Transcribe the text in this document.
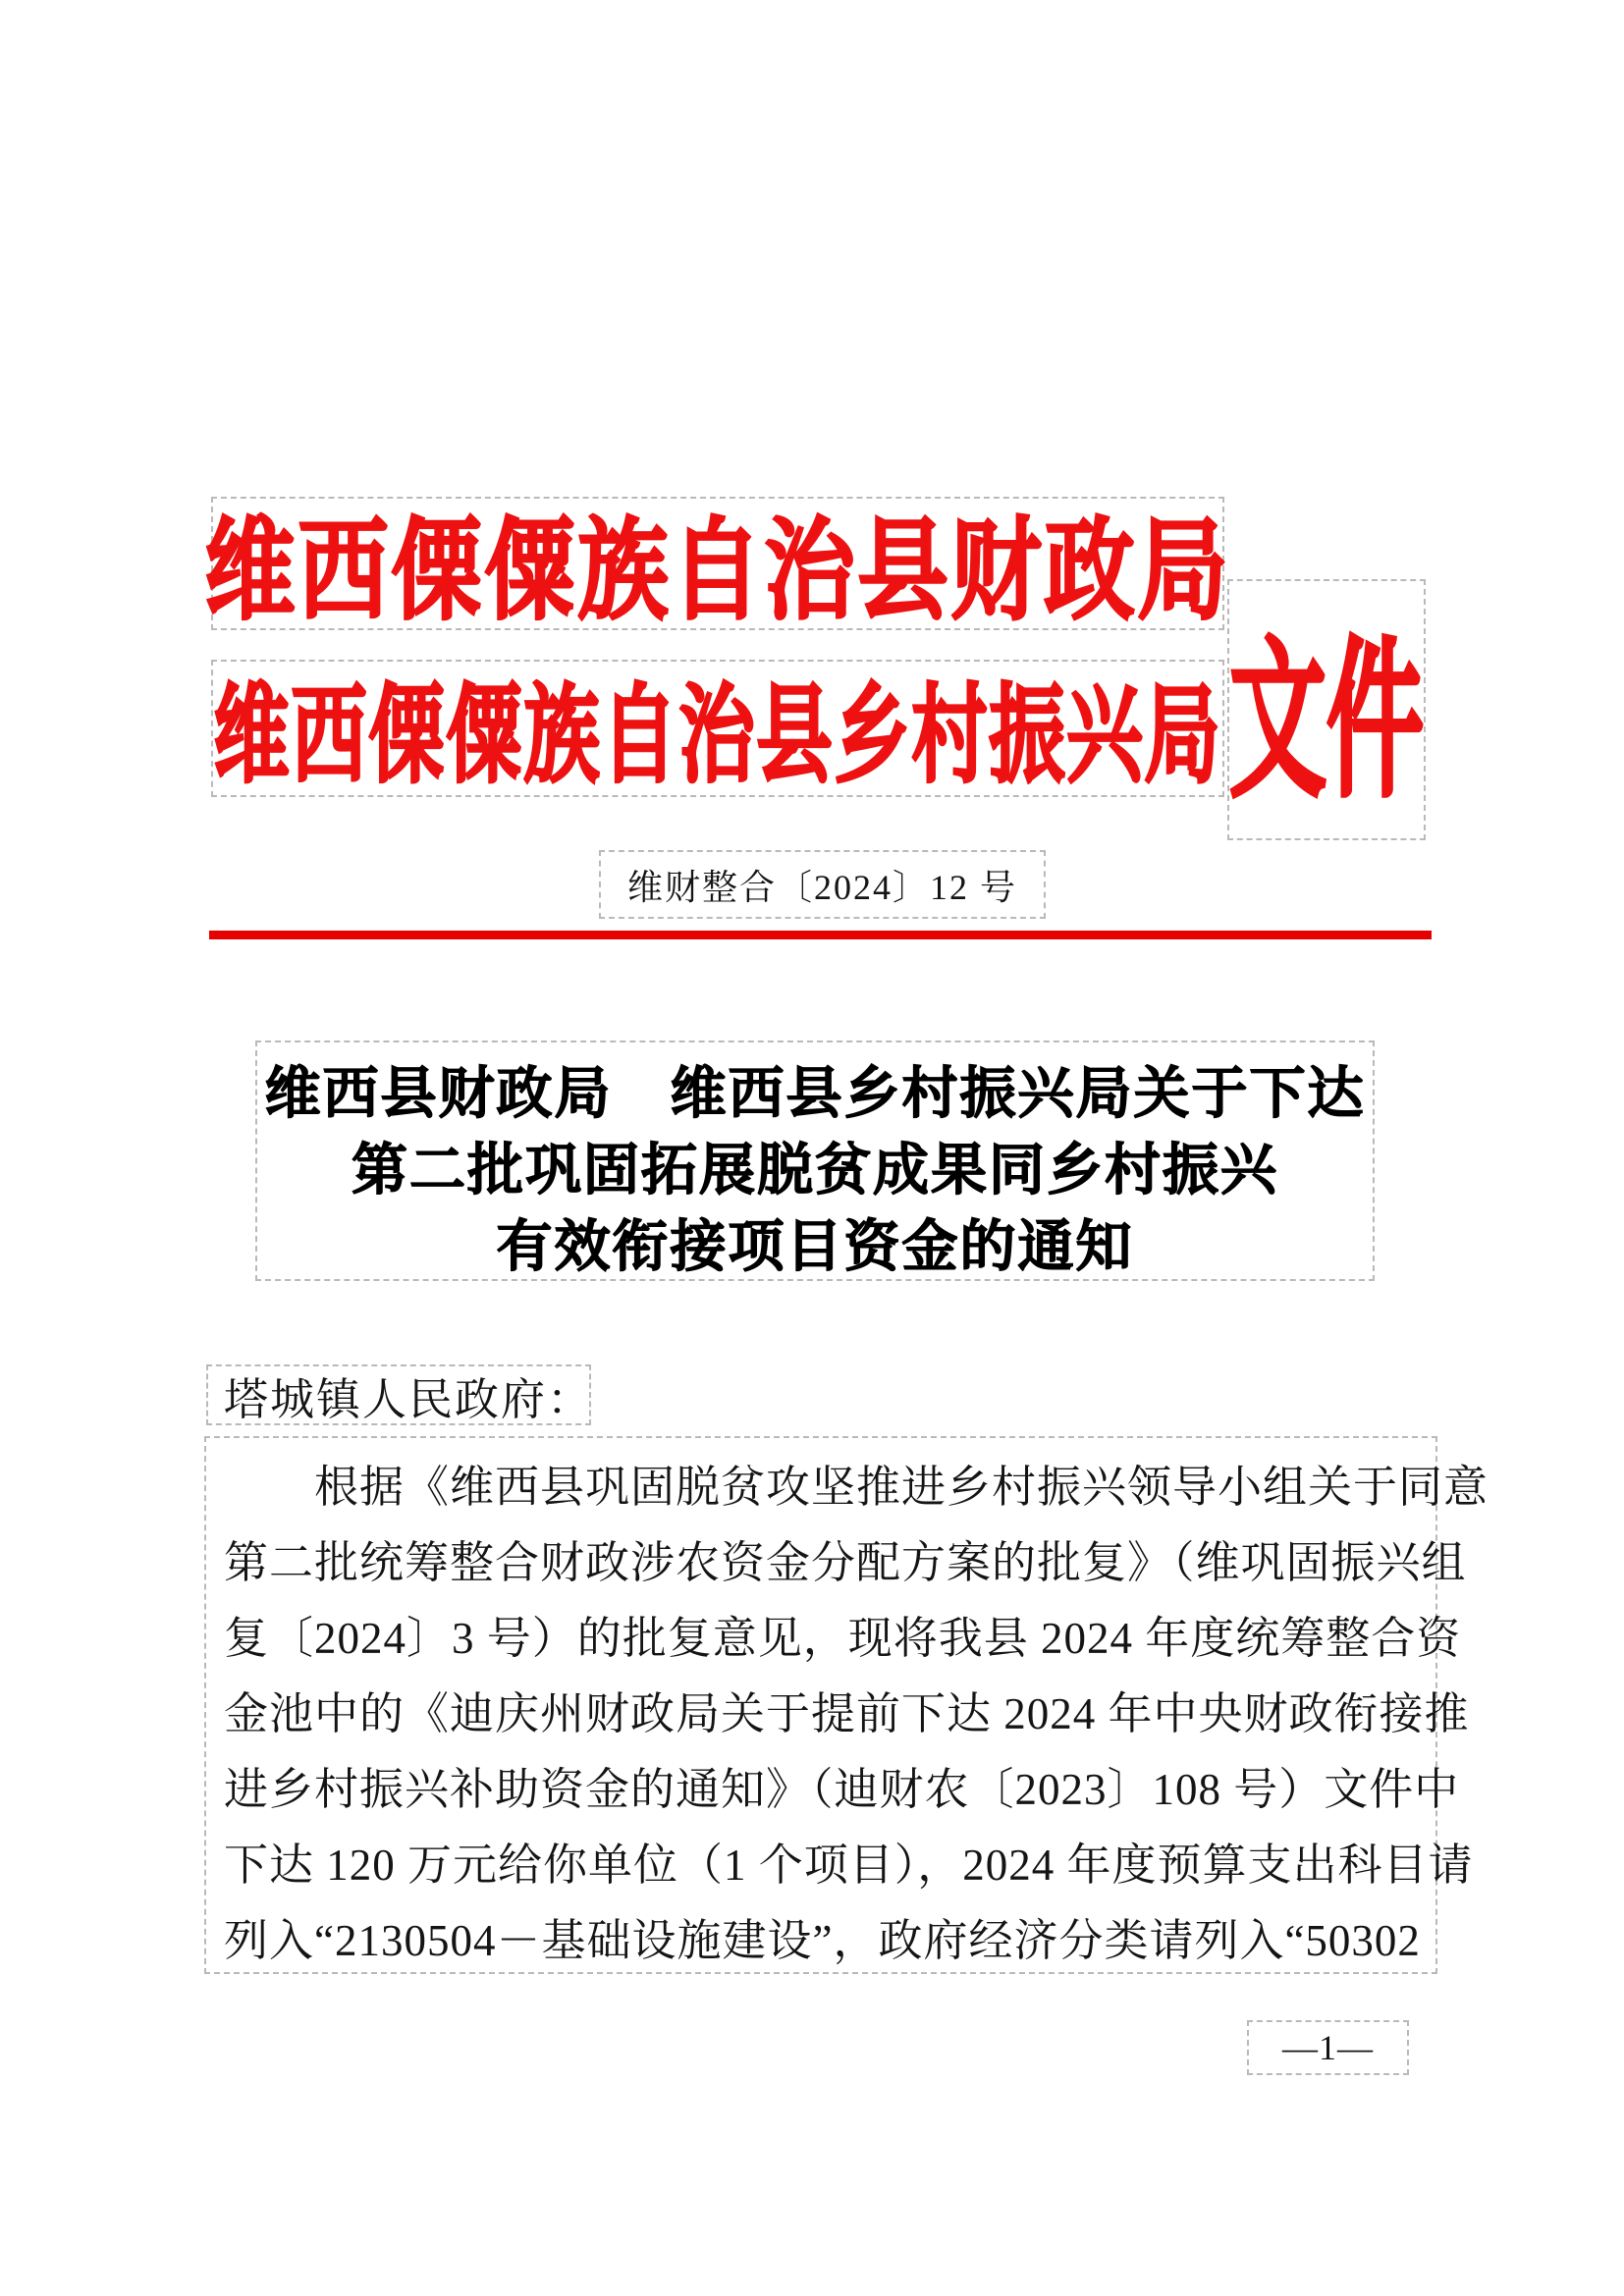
维西傈僳族自治县财政局
维西傈僳族自治县乡村振兴局 文件
维财整合〔2024〕12 号
维西县财政局　维西县乡村振兴局关于下达
第二批巩固拓展脱贫成果同乡村振兴
有效衔接项目资金的通知
塔城镇人民政府：
根据《维西县巩固脱贫攻坚推进乡村振兴领导小组关于同意
第二批统筹整合财政涉农资金分配方案的批复》（维巩固振兴组
复〔2024〕3 号）的批复意见，现将我县 2024 年度统筹整合资
金池中的《迪庆州财政局关于提前下达 2024 年中央财政衔接推
进乡村振兴补助资金的通知》（迪财农〔2023〕108 号）文件中
下达 120 万元给你单位（1 个项目），2024 年度预算支出科目请
列入“2130504－基础设施建设”，政府经济分类请列入“50302
—1—
